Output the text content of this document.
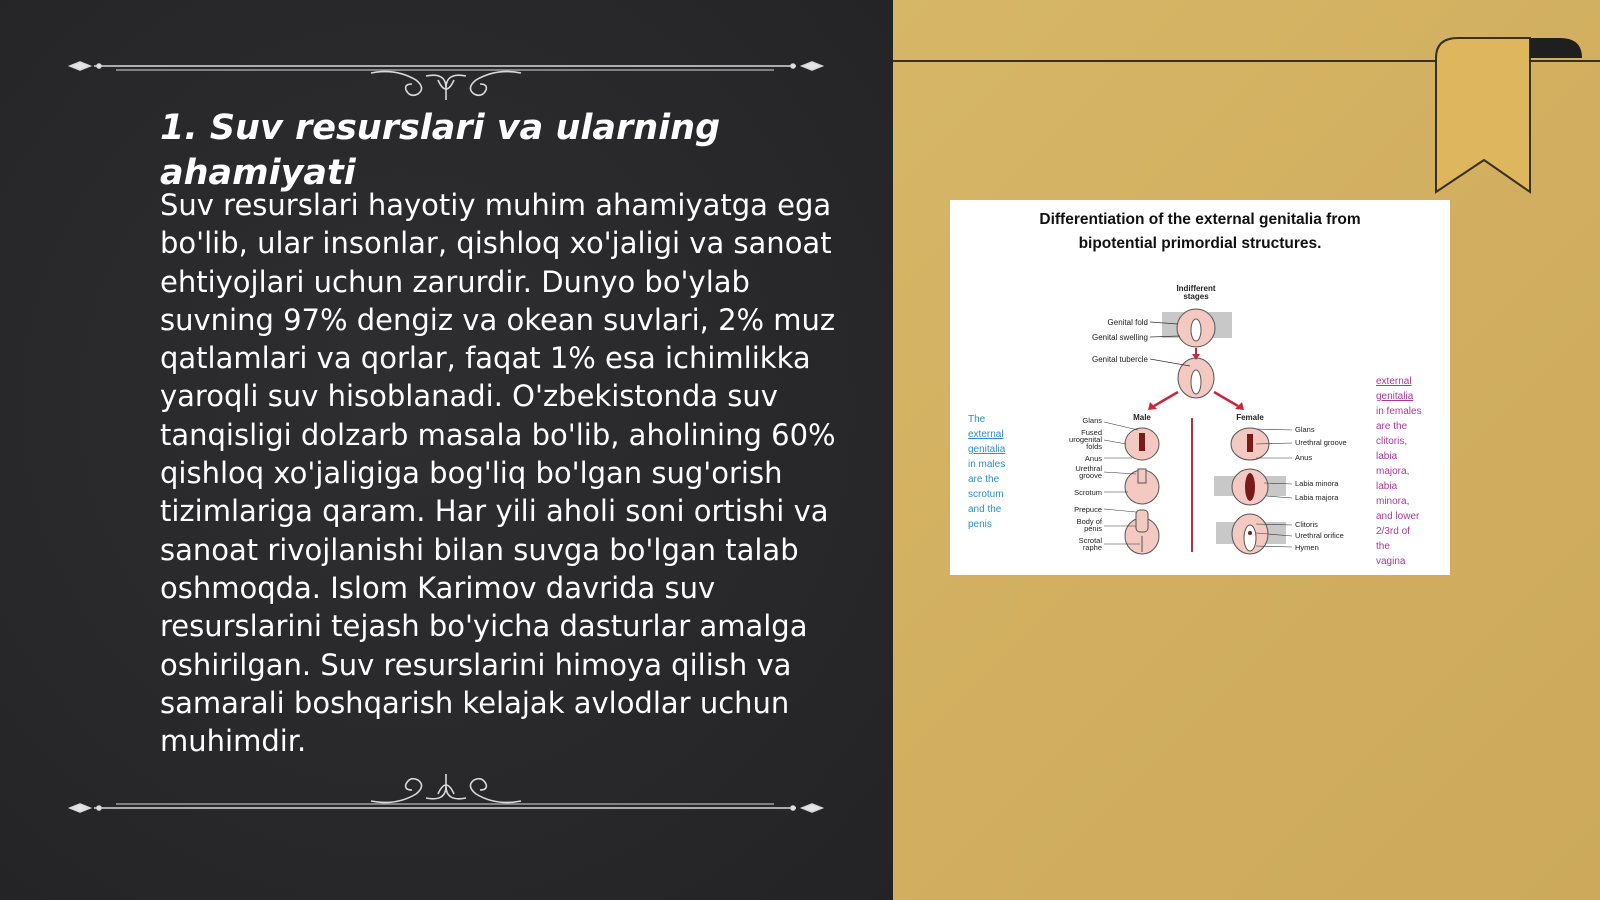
1. Suv resurslari va ularning ahamiyati

Suv resurslari hayotiy muhim ahamiyatga ega bo'lib, ular insonlar, qishloq xo'jaligi va sanoat ehtiyojlari uchun zarurdir. Dunyo bo'ylab suvning 97% dengiz va okean suvlari, 2% muz qatlamlari va qorlar, faqat 1% esa ichimlikka yaroqli suv hisoblanadi. O'zbekistonda suv tanqisligi dolzarb masala bo'lib, aholining 60% qishloq xo'jaligiga bog'liq bo'lgan sug'orish tizimlariga qaram. Har yili aholi soni ortishi va sanoat rivojlanishi bilan suvga bo'lgan talab oshmoqda. Islom Karimov davrida suv resurslarini tejash bo'yicha dasturlar amalga oshirilgan. Suv resurslarini himoya qilish va samarali boshqarish kelajak avlodlar uchun muhimdir.

Differentiation of the external genitalia from
bipotential primordial structures.
Indifferent
stages
Genital fold
Genital swelling
Genital tubercle
Male	Female
Glans
Fused
urogenital
folds
Anus
Urethral
groove
Scrotum
Prepuce
Body of
penis
Scrotal
raphe
Glans
Urethral groove
Anus
Labia minora
Labia majora
Clitoris
Urethral orifice
Hymen
The
external
genitalia
in males
are the
scrotum
and the
penis
external
genitalia
in females
are the
clitoris,
labia
majora,
labia
minora,
and lower
2/3rd of
the
vagina
